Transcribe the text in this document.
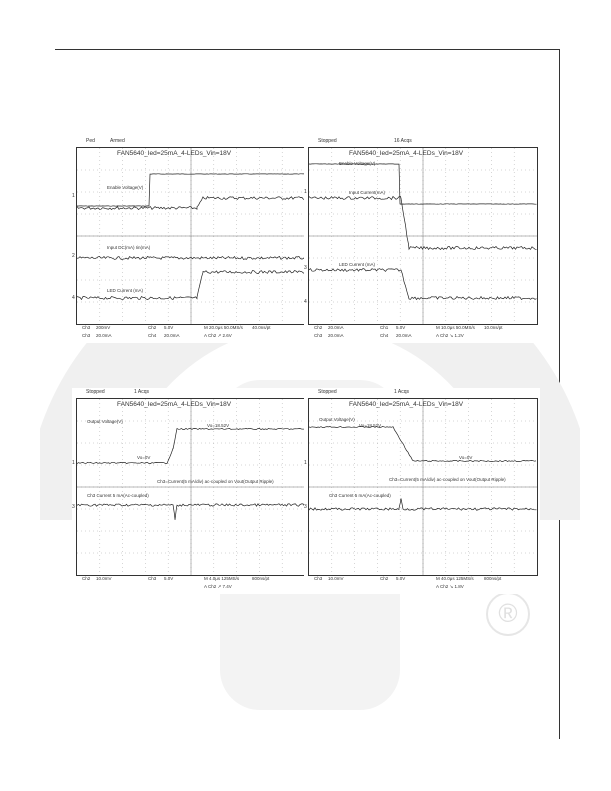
®
Ped	Armed
FAN5640_Ied=25mA_4-LEDs_Vin=18V
Enable Voltage(V)
Input DC(mA) Iin(mA)
LED Current (mA)
1
2
4
Ch3 200mV	Ch2 5.0V	M 20.0μs 50.0MS/s 40.0ns/pt
Ch3 20.0mA	Ch4 20.0mA	A Ch2 ↗ 2.6V
Stopped	16 Acqs
FAN5640_Ied=25mA_4-LEDs_Vin=18V
Enable Voltage(V)
Input Current(mA)
LED Current (mA)
1
3
4
Ch2 20.0mA	Ch1 5.0V	M 10.0μs 50.0MS/s 10.0ns/pt
Ch3 20.0mA	Ch4 20.0mA	A Ch2 ↘ 1.2V
Stopped	1 Acqs
FAN5640_Ied=25mA_4-LEDs_Vin=18V
Output Voltage(V)
Vo=18.52V
Vo=0V
Ch3=Current(5 mA/div) ac-coupled on Vout(Output Ripple)
Ch3 Current 5 mA(Ac-coupled)
1
3
Ch2 10.0mV	Ch3 5.0V	M 4.0μs 125MS/s	800ns/pt
A Ch2 ↗ 7.4V
Stopped	1 Acqs
FAN5640_Ied=25mA_4-LEDs_Vin=18V
Output Voltage(V)
Vo=18.52V
Vo=0V
Ch3=Current(5 mA/div) ac-coupled on Vout(Output Ripple)
Ch3 Current 5 mA(Ac-coupled)
1
3
Ch3 10.0mV	Ch2 5.0V	M 40.0μs 125MS/s 800ns/pt
A Ch2 ↘ 1.8V
